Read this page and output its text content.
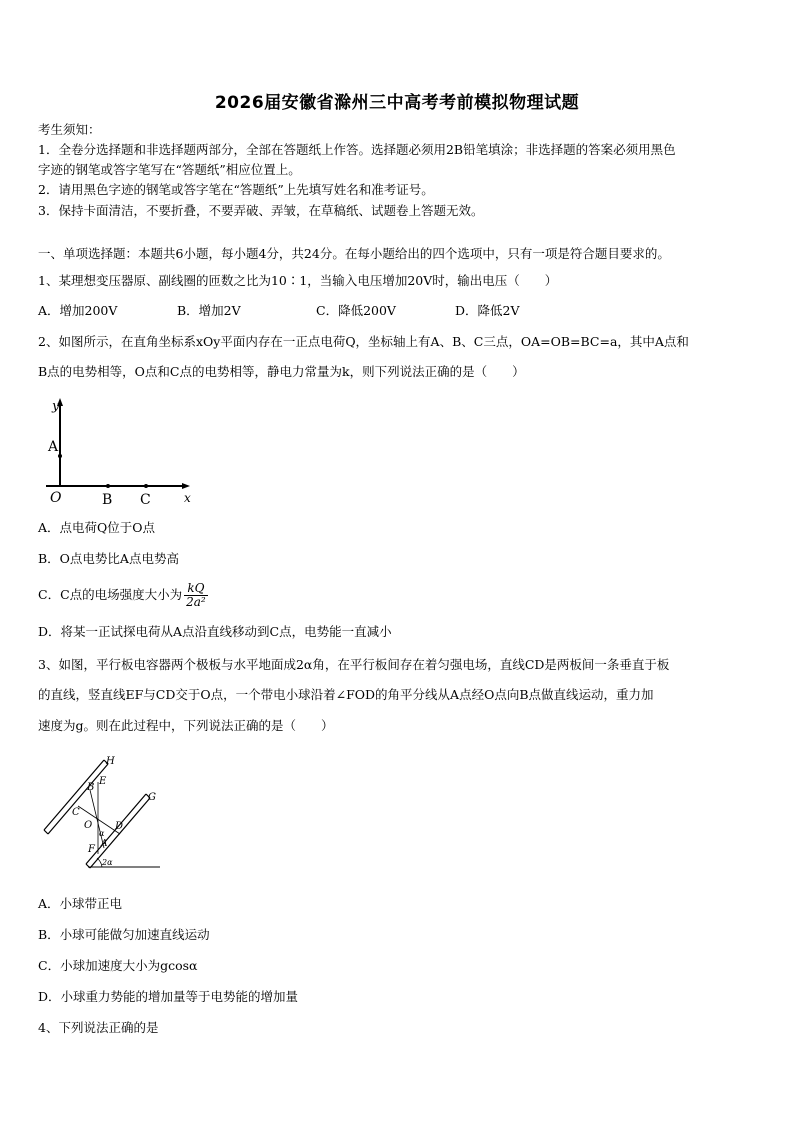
2026届安徽省滁州三中高考考前模拟物理试题
考生须知：
1．全卷分选择题和非选择题两部分，全部在答题纸上作答。选择题必须用2B铅笔填涂；非选择题的答案必须用黑色
字迹的钢笔或答字笔写在“答题纸”相应位置上。
2．请用黑色字迹的钢笔或答字笔在“答题纸”上先填写姓名和准考证号。
3．保持卡面清洁，不要折叠，不要弄破、弄皱，在草稿纸、试题卷上答题无效。
一、单项选择题：本题共6小题，每小题4分，共24分。在每小题给出的四个选项中，只有一项是符合题目要求的。
1、某理想变压器原、副线圈的匝数之比为10∶1，当输入电压增加20V时，输出电压（　　）
A．增加200V	B．增加2V	C．降低200V	D．降低2V
2、如图所示，在直角坐标系xOy平面内存在一正点电荷Q，坐标轴上有A、B、C三点，OA=OB=BC=a，其中A点和
B点的电势相等，O点和C点的电势相等，静电力常量为k，则下列说法正确的是（　　）
y
A
O	B C	x
A．点电荷Q位于O点
B．O点电势比A点电势高
C．C点的电场强度大小为 $\frac{kQ}{\text{2a²}}$
D．将某一正试探电荷从A点沿直线移动到C点，电势能一直减小
3、如图，平行板电容器两个极板与水平地面成2α角，在平行板间存在着匀强电场，直线CD是两板间一条垂直于板
的直线，竖直线EF与CD交于O点，一个带电小球沿着∠FOD的角平分线从A点经O点向B点做直线运动，重力加
速度为g。则在此过程中，下列说法正确的是（　　）
H
G
E
B
C
O D
α
A
F
2α
A．小球带正电
B．小球可能做匀加速直线运动
C．小球加速度大小为gcosα
D．小球重力势能的增加量等于电势能的增加量
4、下列说法正确的是
